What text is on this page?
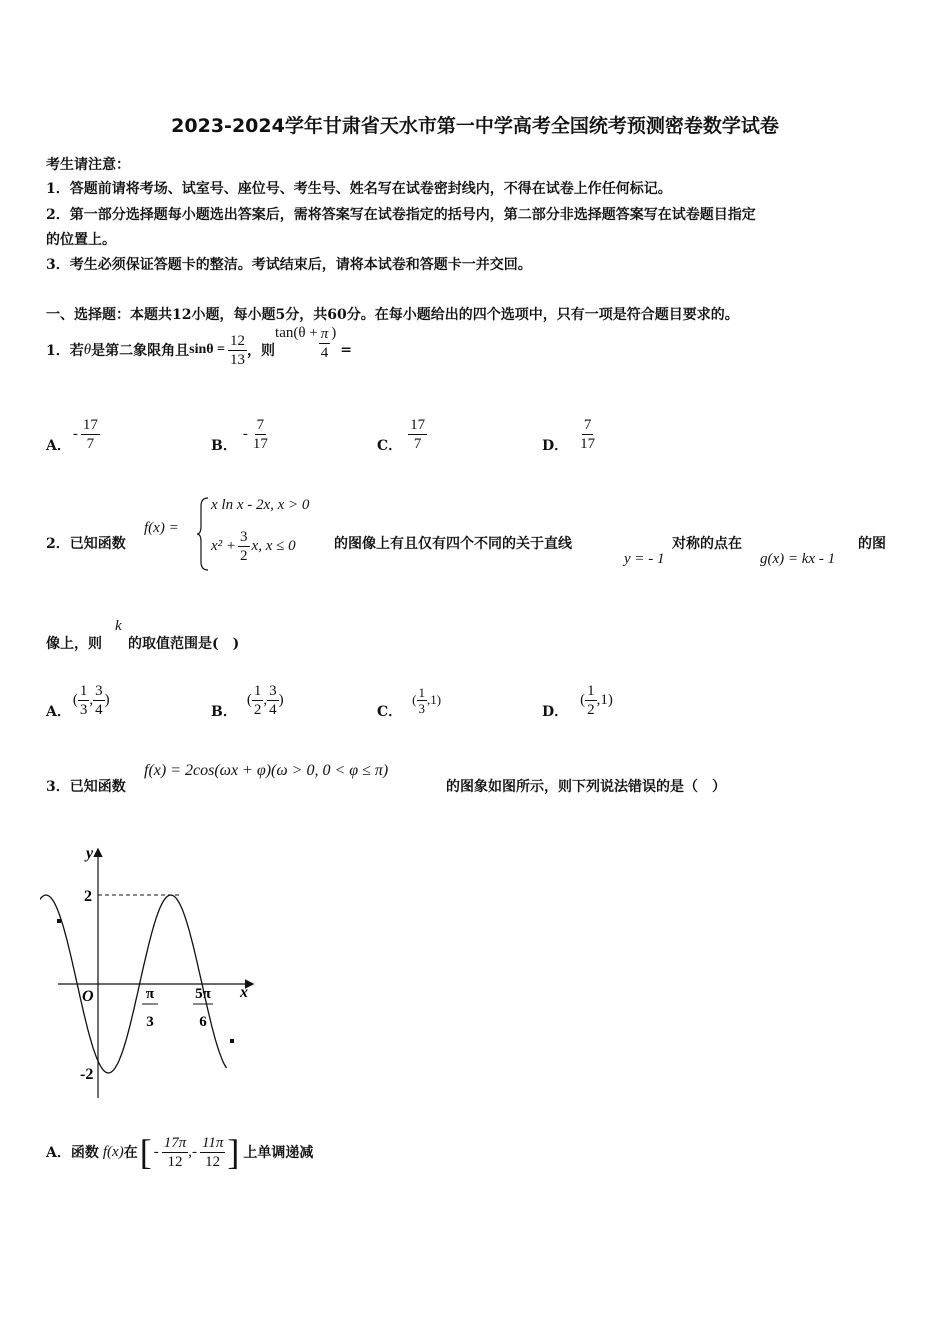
2023-2024学年甘肃省天水市第一中学高考全国统考预测密卷数学试卷
考生请注意：
1．答题前请将考场、试室号、座位号、考生号、姓名写在试卷密封线内，不得在试卷上作任何标记。
2．第一部分选择题每小题选出答案后，需将答案写在试卷指定的括号内，第二部分非选择题答案写在试卷题目指定
的位置上。
3．考生必须保证答题卡的整洁。考试结束后，请将本试卷和答题卡一并交回。
一、选择题：本题共12小题，每小题5分，共60分。在每小题给出的四个选项中，只有一项是符合题目要求的。
1．若 θ 是第二象限角且 $\sin\theta = \frac{12}{13}$ ，则
$\tan(\theta + \frac{\pi}{4}$ )
=
A．
- $\frac{17}{7}$	B．
- $\frac{7}{17}$	C． $\frac{17}{7}$	D． $\frac{7}{17}$
2．已知函数
f(x) =
x ln x - 2x, x > 0
$x^2 + \frac{3}{2} x$, x ≤ 0	的图像上有且仅有四个不同的关于直线
y = - 1
对称的点在
g(x) = kx - 1
的图
像上，则
k
的取值范围是(　)
A．
( $\frac{1}{3}$ , $\frac{3}{4}$ )
B．
( $\frac{1}{2}$ , $\frac{3}{4}$ )
C．
( $\frac{1}{3} ,1$)
D．
( $\frac{1}{2} ,1$)
3．已知函数
f(x) = 2cos(ωx + φ)(ω > 0, 0 < φ ≤ π)
的图象如图所示，则下列说法错误的是（　）
y
x
O
2
-2
π
3
5π
6
A．函数 f(x) 在 [ - $\frac{17\pi}{12}$ , - $\frac{11\pi}{12}$ ] 上单调递减
